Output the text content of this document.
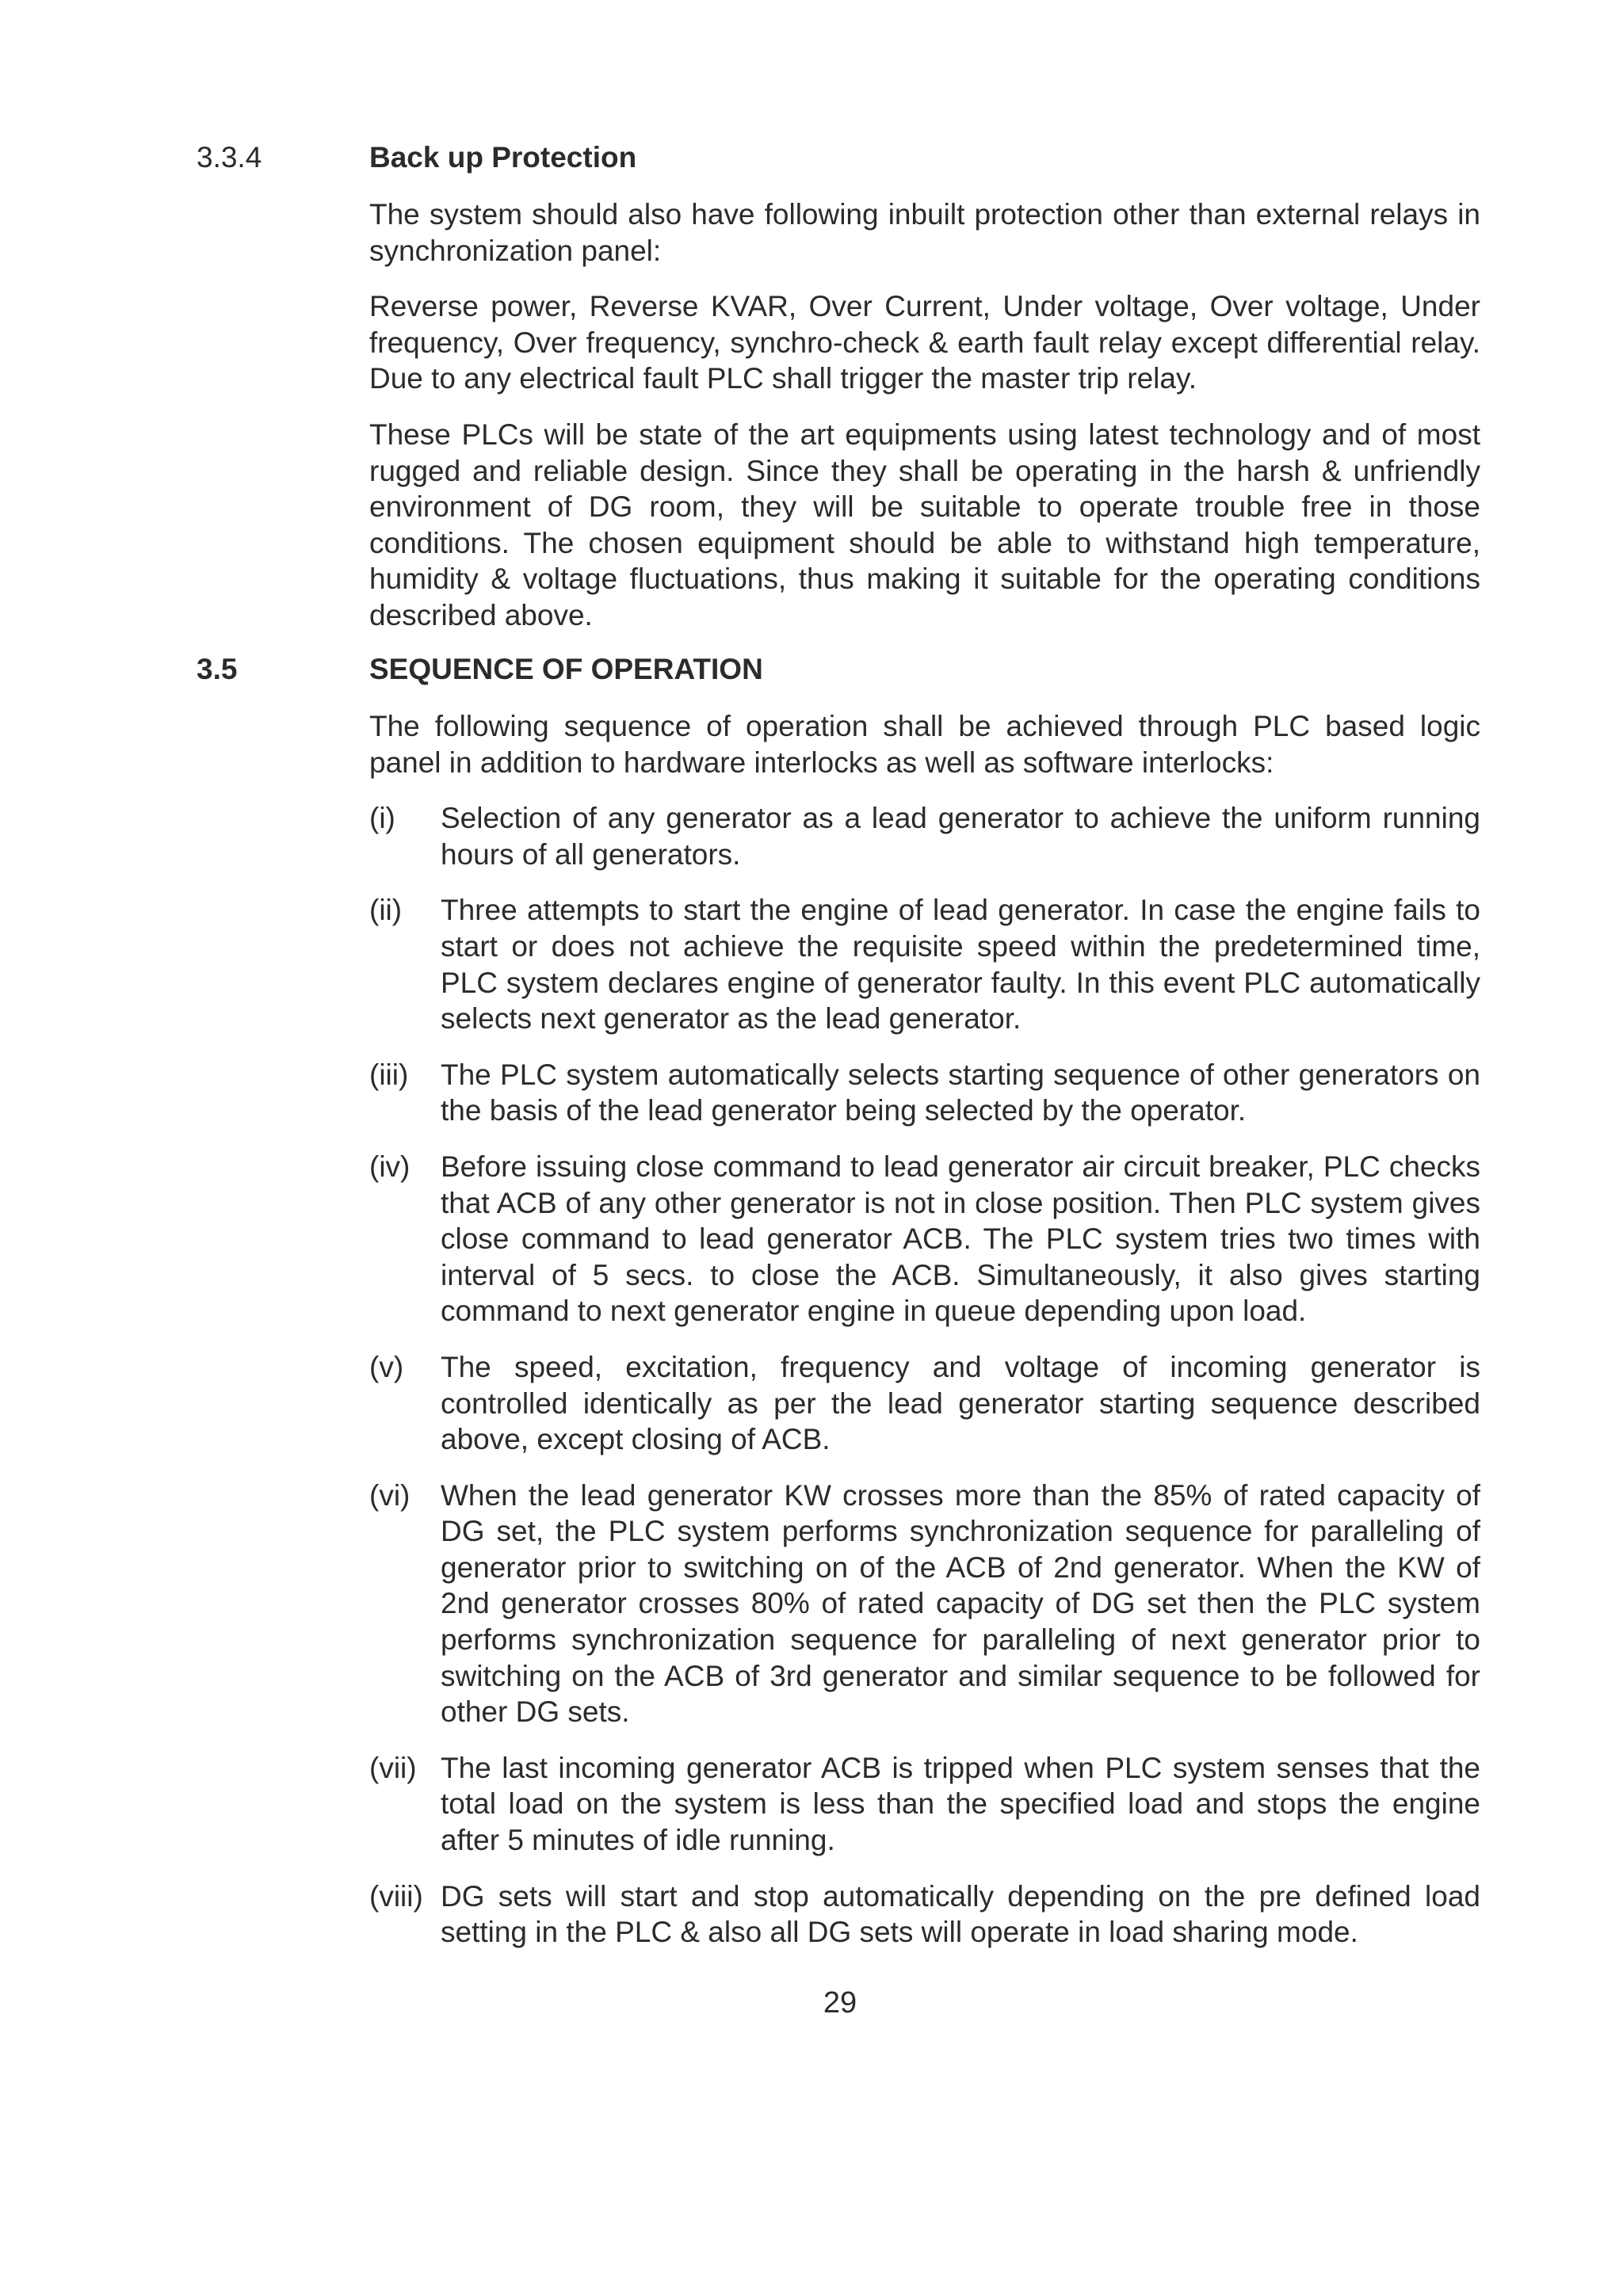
3.3.4	Back up Protection

The system should also have following inbuilt protection other than external relays in synchronization panel:

Reverse power, Reverse KVAR, Over Current, Under voltage, Over voltage, Under frequency, Over frequency, synchro-check & earth fault relay except differential relay. Due to any electrical fault PLC shall trigger the master trip relay.

These PLCs will be state of the art equipments using latest technology and of most rugged and reliable design. Since they shall be operating in the harsh & unfriendly environment of DG room, they will be suitable to operate trouble free in those conditions. The chosen equipment should be able to withstand high temperature, humidity & voltage fluctuations, thus making it suitable for the operating conditions described above.

3.5	SEQUENCE OF OPERATION

The following sequence of operation shall be achieved through PLC based logic panel in addition to hardware interlocks as well as software interlocks:

(i)	Selection of any generator as a lead generator to achieve the uniform running hours of all generators.
(ii)	Three attempts to start the engine of lead generator. In case the engine fails to start or does not achieve the requisite speed within the predetermined time, PLC system declares engine of generator faulty. In this event PLC automatically selects next generator as the lead generator.
(iii)	The PLC system automatically selects starting sequence of other generators on the basis of the lead generator being selected by the operator.
(iv)	Before issuing close command to lead generator air circuit breaker, PLC checks that ACB of any other generator is not in close position. Then PLC system gives close command to lead generator ACB. The PLC system tries two times with interval of 5 secs. to close the ACB. Simultaneously, it also gives starting command to next generator engine in queue depending upon load.
(v)	The speed, excitation, frequency and voltage of incoming generator is controlled identically as per the lead generator starting sequence described above, except closing of ACB.
(vi)	When the lead generator KW crosses more than the 85% of rated capacity of DG set, the PLC system performs synchronization sequence for paralleling of generator prior to switching on of the ACB of 2nd generator. When the KW of 2nd generator crosses 80% of rated capacity of DG set then the PLC system performs synchronization sequence for paralleling of next generator prior to switching on the ACB of 3rd generator and similar sequence to be followed for other DG sets.
(vii) The last incoming generator ACB is tripped when PLC system senses that the total load on the system is less than the specified load and stops the engine after 5 minutes of idle running.
(viii) DG sets will start and stop automatically depending on the pre defined load setting in the PLC & also all DG sets will operate in load sharing mode.
29
